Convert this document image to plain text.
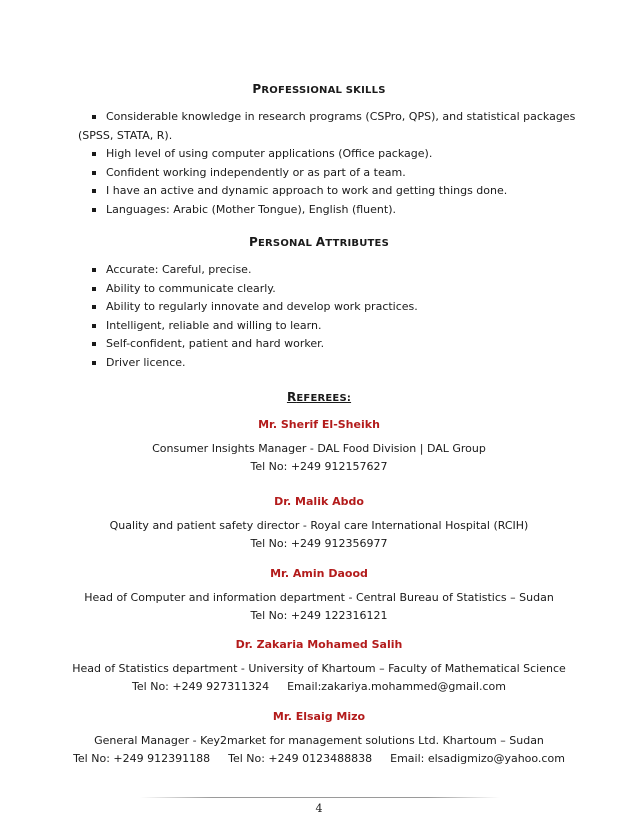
PROFESSIONAL SKILLS
Considerable knowledge in research programs (CSPro, QPS), and statistical packages
(SPSS, STATA, R).
High level of using computer applications (Office package).
Confident working independently or as part of a team.
I have an active and dynamic approach to work and getting things done.
Languages: Arabic (Mother Tongue), English (fluent).
PERSONAL ATTRIBUTES
Accurate: Careful, precise.
Ability to communicate clearly.
Ability to regularly innovate and develop work practices.
Intelligent, reliable and willing to learn.
Self-confident, patient and hard worker.
Driver licence.
REFEREES:
Mr. Sherif El-Sheikh
Consumer Insights Manager - DAL Food Division | DAL Group
Tel No: +249 912157627
Dr. Malik Abdo
Quality and patient safety director - Royal care International Hospital (RCIH)
Tel No: +249 912356977
Mr. Amin Daood
Head of Computer and information department - Central Bureau of Statistics – Sudan
Tel No: +249 122316121
Dr. Zakaria Mohamed Salih
Head of Statistics department - University of Khartoum – Faculty of Mathematical Science
Tel No: +249 927311324 Email:zakariya.mohammed@gmail.com
Mr. Elsaig Mizo
General Manager - Key2market for management solutions Ltd. Khartoum – Sudan
Tel No: +249 912391188 Tel No: +249 0123488838 Email: elsadigmizo@yahoo.com
4
